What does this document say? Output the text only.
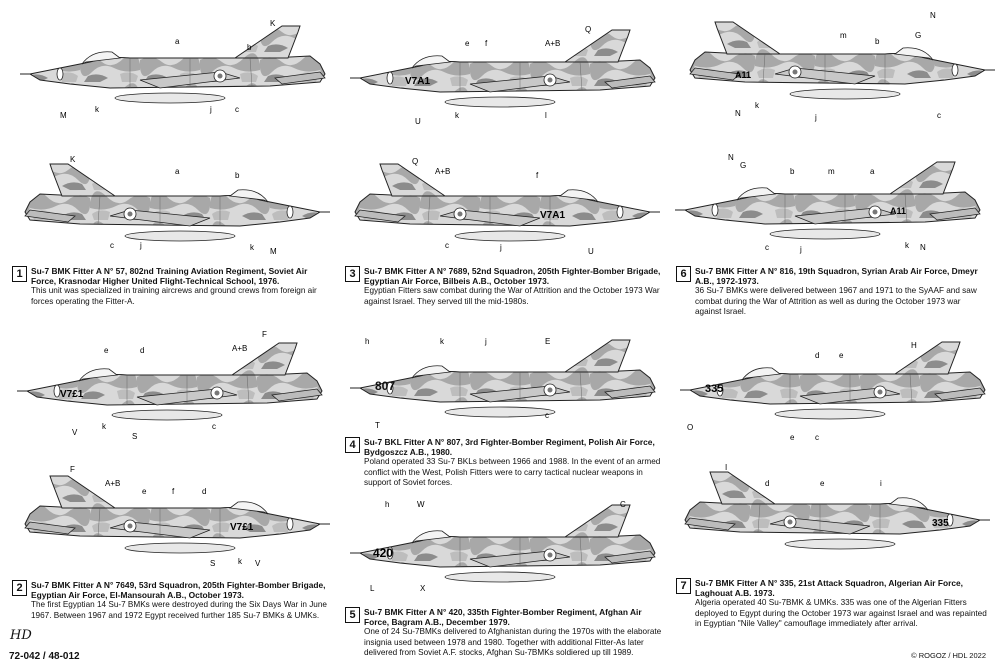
a
b
K
M
k	c
j
e f	A+B
Q
U
k	l
V7A1
N
G
m
b
N
k
j	c
A11
K
a	b
c	j	k M
Q
A+B	f
c	j	U
V7A1
N
G
b	m	a
c	j	k N
A11
1	Su-7 BMK Fitter A N° 57, 802nd Training Aviation Regiment, Soviet Air Force, Krasnodar Higher United Flight-Technical School, 1976.
This unit was specialized in training aircrews and ground crews from foreign air forces operating the Fitter-A.
3	Su-7 BMK Fitter A N° 7689, 52nd Squadron, 205th Fighter-Bomber Brigade, Egyptian Air Force, Bilbeis A.B., October 1973.
Egyptian Fitters saw combat during the War of Attrition and the October 1973 War against Israel. They served till the mid-1980s.
6	Su-7 BMK Fitter A N° 816, 19th Squadron, Syrian Arab Air Force, Dmeyr A.B., 1972-1973.
36 Su-7 BMKs were delivered between 1967 and 1971 to the SyAAF and saw combat during the War of Attrition as well as during the October 1973 war against Israel.
e	d	A+B
F
V
k
S
c
V7£1
h	k	j	E
T
c
807
H
d e
O
e	c
335
4	Su-7 BKL Fitter A N° 807, 3rd Fighter-Bomber Regiment, Polish Air Force, Bydgoszcz A.B., 1980.
Poland operated 33 Su-7 BKLs between 1966 and 1988. In the event of an armed conflict with the West, Polish Fitters were to carry tactical nuclear weapons in support of Soviet forces.
F
A+B
e	f	d
S	k V
V7£1
h	W	C
L	X
420
I
d	e	i
335
2	Su-7 BMK Fitter A N° 7649, 53rd Squadron, 205th Fighter-Bomber Brigade, Egyptian Air Force, El-Mansourah A.B., October 1973.
The first Egyptian 14 Su-7 BMKs were destroyed during the Six Days War in June 1967. Between 1967 and 1972 Egypt received further 185 Su-7 BMKs & UMKs.	5	Su-7 BMK Fitter A N° 420, 335th Fighter-Bomber Regiment, Afghan Air Force, Bagram A.B., December 1979.
One of 24 Su-7BMKs delivered to Afghanistan during the 1970s with the elaborate insignia used between 1978 and 1980. Together with additional Fitter-As later delivered from Soviet A.F. stocks, Afghan Su-7BMKs soldiered up till 1989.
7	Su-7 BMK Fitter A N° 335, 21st Attack Squadron, Algerian Air Force, Laghouat A.B. 1973.
Algeria operated 40 Su-7BMK & UMKs. 335 was one of the Algerian Fitters deployed to Egypt during the October 1973 war against Israel and was repainted in Egyptian "Nile Valley" camouflage immediately after arrival.
HD
72-042 / 48-012	© ROGOZ / HDL 2022
